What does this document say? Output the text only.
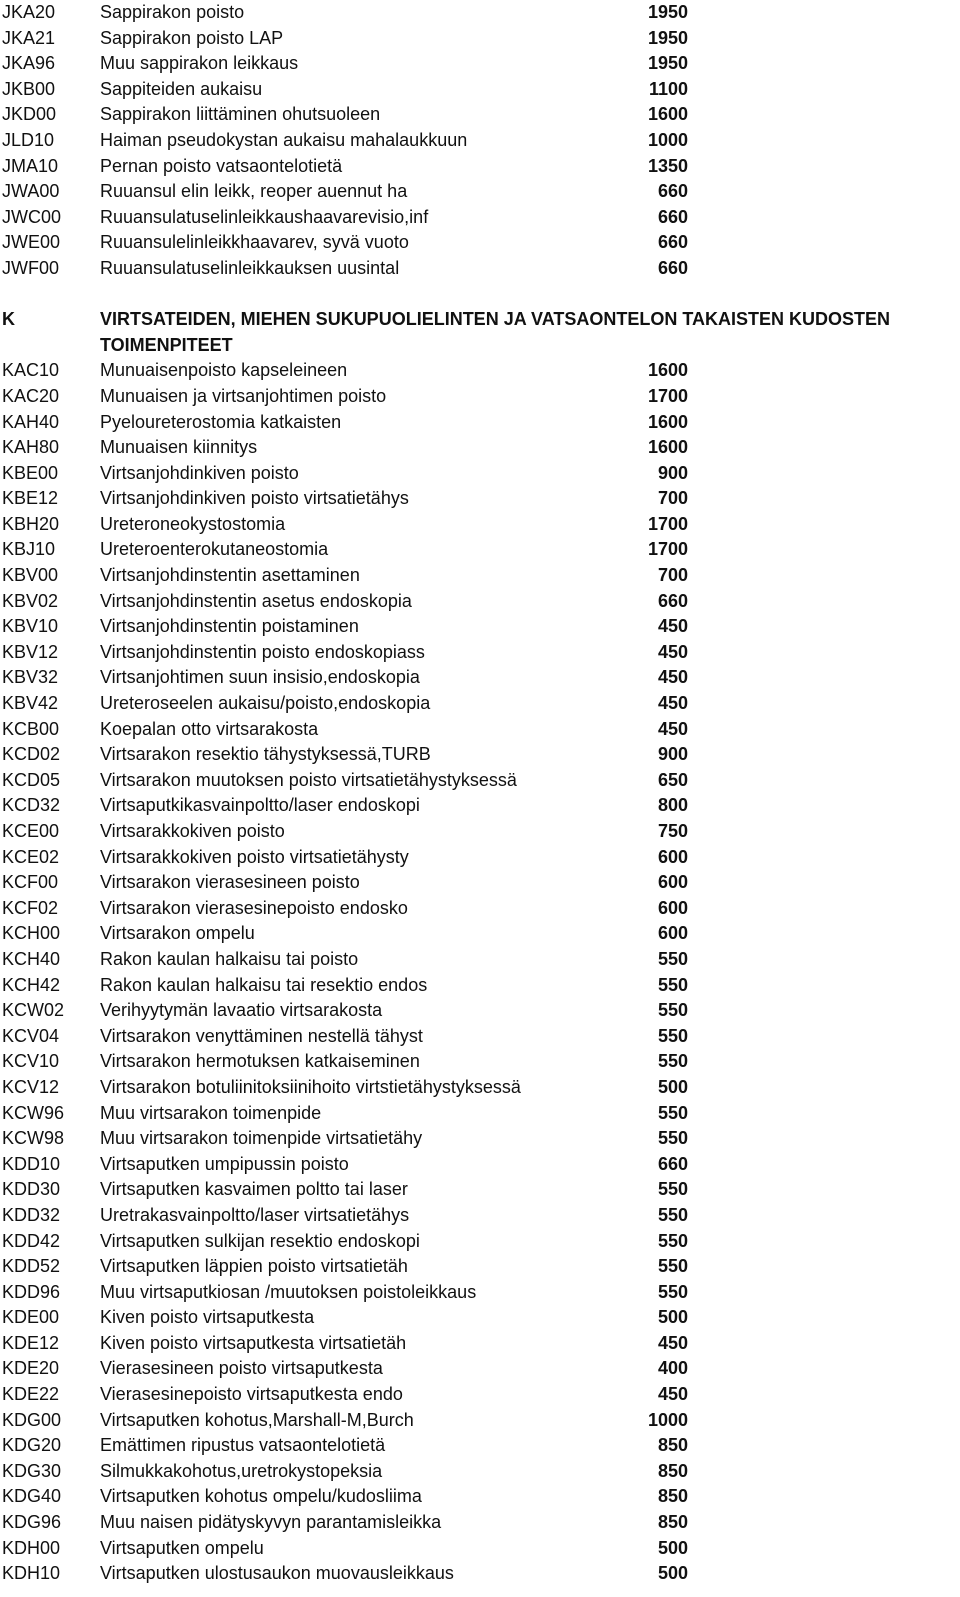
JKA20 Sappirakon poisto	1950
JKA21 Sappirakon poisto LAP	1950
JKA96 Muu sappirakon leikkaus	1950
JKB00 Sappiteiden aukaisu	1100
JKD00 Sappirakon liittäminen ohutsuoleen	1600
JLD10	Haiman pseudokystan aukaisu mahalaukkuun	1000
JMA10 Pernan poisto vatsaontelotietä	1350
JWA00 Ruuansul elin leikk, reoper auennut ha	660
JWC00 Ruuansulatuselinleikkaushaavarevisio,inf	660
JWE00 Ruuansulelinleikkhaavarev, syvä vuoto	660
JWF00 Ruuansulatuselinleikkauksen uusintal	660
K	VIRTSATEIDEN, MIEHEN SUKUPUOLIELINTEN JA VATSAONTELON TAKAISTEN KUDOSTEN TOIMENPITEET
KAC10 Munuaisenpoisto kapseleineen	1600
KAC20 Munuaisen ja virtsanjohtimen poisto	1700
KAH40 Pyeloureterostomia katkaisten	1600
KAH80 Munuaisen kiinnitys	1600
KBE00 Virtsanjohdinkiven poisto	900
KBE12 Virtsanjohdinkiven poisto virtsatietähys	700
KBH20 Ureteroneokystostomia	1700
KBJ10 Ureteroenterokutaneostomia	1700
KBV00 Virtsanjohdinstentin asettaminen	700
KBV02 Virtsanjohdinstentin asetus endoskopia	660
KBV10 Virtsanjohdinstentin poistaminen	450
KBV12 Virtsanjohdinstentin poisto endoskopiass	450
KBV32 Virtsanjohtimen suun insisio,endoskopia	450
KBV42 Ureteroseelen aukaisu/poisto,endoskopia	450
KCB00 Koepalan otto virtsarakosta	450
KCD02 Virtsarakon resektio tähystyksessä,TURB	900
KCD05 Virtsarakon muutoksen poisto virtsatietähystyksessä	650
KCD32 Virtsaputkikasvainpoltto/laser endoskopi	800
KCE00 Virtsarakkokiven poisto	750
KCE02 Virtsarakkokiven poisto virtsatietähysty	600
KCF00 Virtsarakon vierasesineen poisto	600
KCF02 Virtsarakon vierasesinepoisto endosko	600
KCH00 Virtsarakon ompelu	600
KCH40 Rakon kaulan halkaisu tai poisto	550
KCH42 Rakon kaulan halkaisu tai resektio endos	550
KCW02 Verihyytymän lavaatio virtsarakosta	550
KCV04 Virtsarakon venyttäminen nestellä tähyst	550
KCV10 Virtsarakon hermotuksen katkaiseminen	550
KCV12 Virtsarakon botuliinitoksiinihoito virtstietähystyksessä	500
KCW96 Muu virtsarakon toimenpide	550
KCW98 Muu virtsarakon toimenpide virtsatietähy	550
KDD10 Virtsaputken umpipussin poisto	660
KDD30 Virtsaputken kasvaimen poltto tai laser	550
KDD32 Uretrakasvainpoltto/laser virtsatietähys	550
KDD42 Virtsaputken sulkijan resektio endoskopi	550
KDD52 Virtsaputken läppien poisto virtsatietäh	550
KDD96 Muu virtsaputkiosan /muutoksen poistoleikkaus	550
KDE00 Kiven poisto virtsaputkesta	500
KDE12 Kiven poisto virtsaputkesta virtsatietäh	450
KDE20 Vierasesineen poisto virtsaputkesta	400
KDE22 Vierasesinepoisto virtsaputkesta endo	450
KDG00 Virtsaputken kohotus,Marshall-M,Burch	1000
KDG20 Emättimen ripustus vatsaontelotietä	850
KDG30 Silmukkakohotus,uretrokystopeksia	850
KDG40 Virtsaputken kohotus ompelu/kudosliima	850
KDG96 Muu naisen pidätyskyvyn parantamisleikka	850
KDH00 Virtsaputken ompelu	500
KDH10 Virtsaputken ulostusaukon muovausleikkaus	500
